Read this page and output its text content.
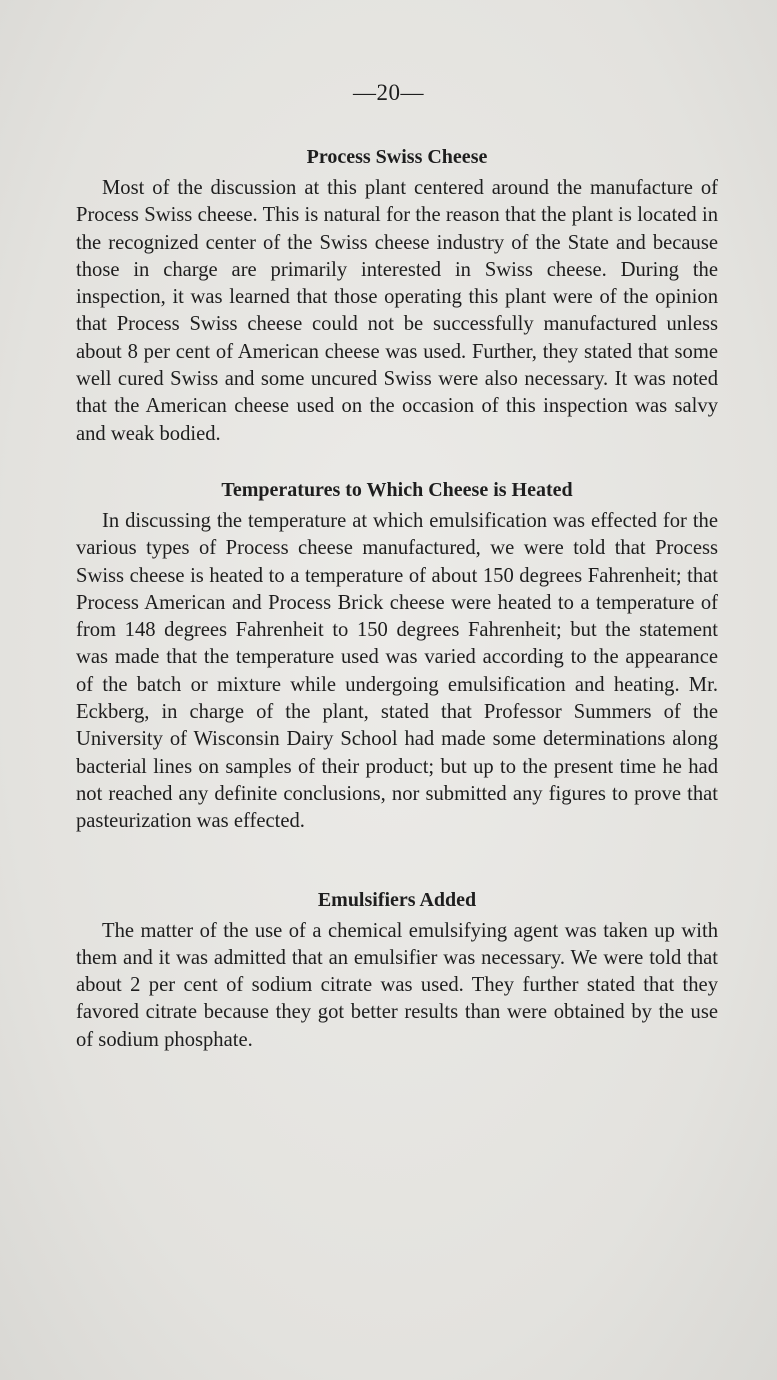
—20—
Process Swiss Cheese

Most of the discussion at this plant centered around the manufacture of Process Swiss cheese. This is natural for the reason that the plant is located in the recognized center of the Swiss cheese industry of the State and because those in charge are primarily interested in Swiss cheese. During the inspection, it was learned that those operating this plant were of the opinion that Process Swiss cheese could not be successfully manufactured unless about 8 per cent of American cheese was used. Further, they stated that some well cured Swiss and some uncured Swiss were also necessary. It was noted that the American cheese used on the occasion of this inspection was salvy and weak bodied.

Temperatures to Which Cheese is Heated

In discussing the temperature at which emulsification was effected for the various types of Process cheese manufactured, we were told that Process Swiss cheese is heated to a temperature of about 150 degrees Fahrenheit; that Process American and Process Brick cheese were heated to a temperature of from 148 degrees Fahrenheit to 150 degrees Fahrenheit; but the statement was made that the temperature used was varied according to the appearance of the batch or mixture while undergoing emulsification and heating. Mr. Eckberg, in charge of the plant, stated that Professor Summers of the University of Wisconsin Dairy School had made some determinations along bacterial lines on samples of their product; but up to the present time he had not reached any definite conclusions, nor submitted any figures to prove that pasteurization was effected.

Emulsifiers Added

The matter of the use of a chemical emulsifying agent was taken up with them and it was admitted that an emulsifier was necessary. We were told that about 2 per cent of sodium citrate was used. They further stated that they favored citrate because they got better results than were obtained by the use of sodium phosphate.
